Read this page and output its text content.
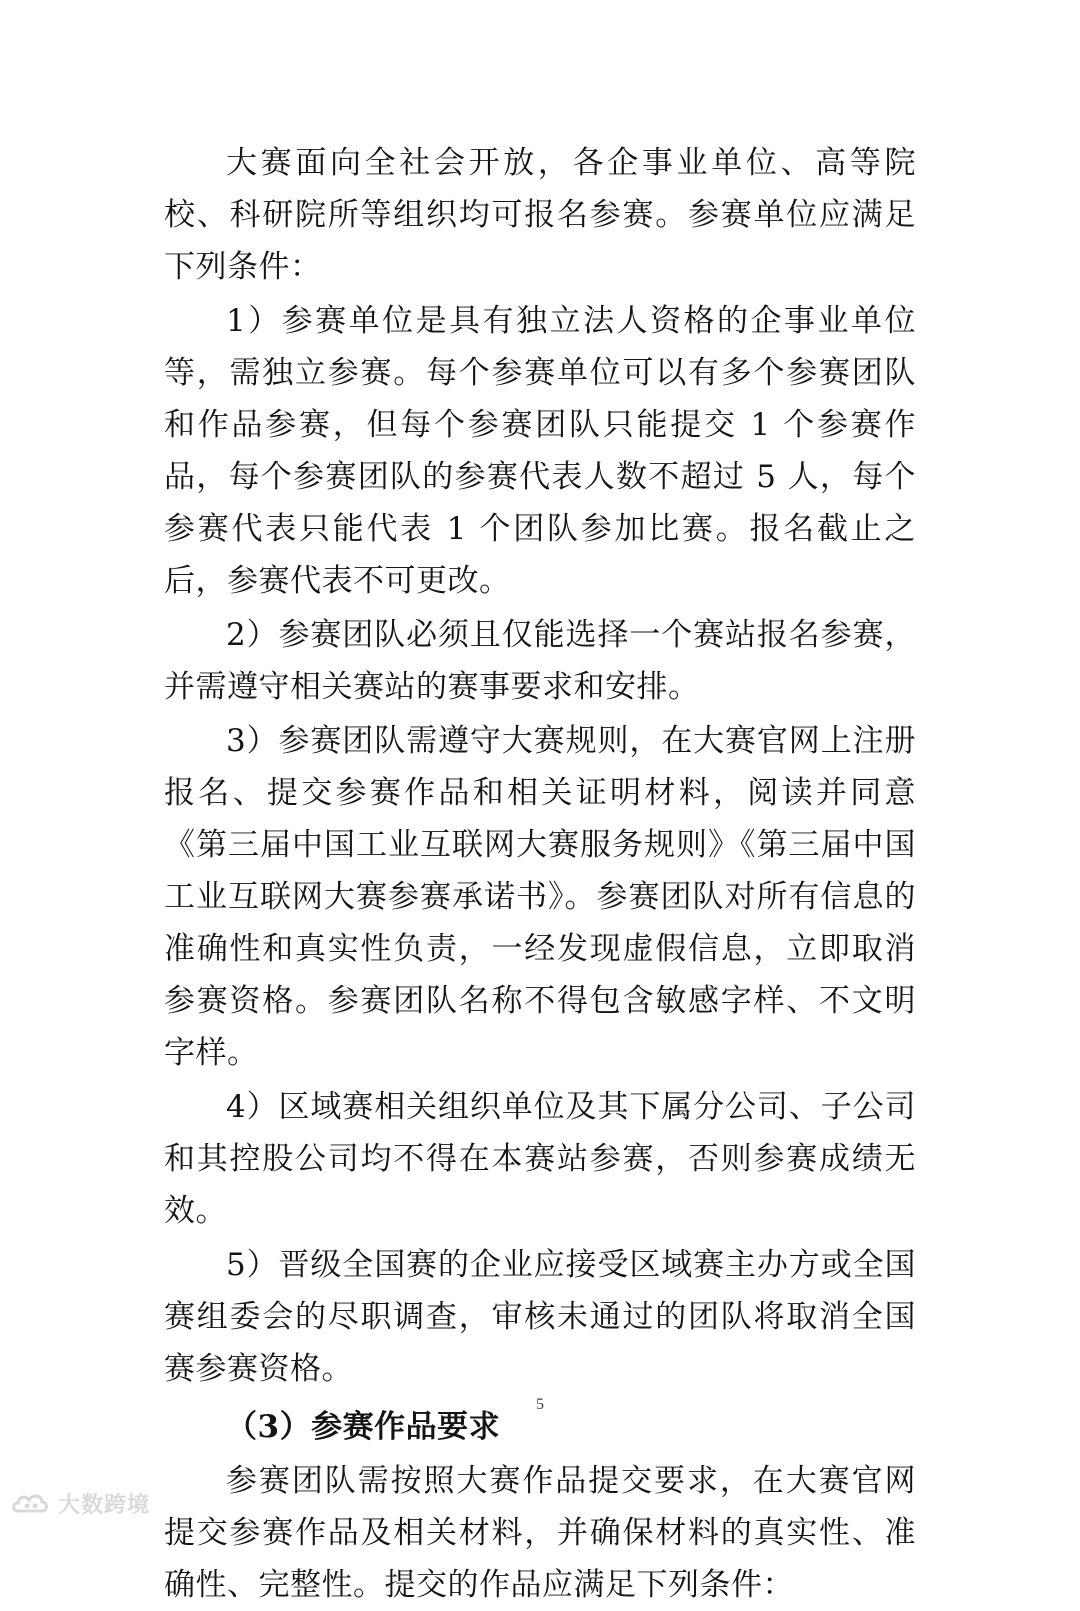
大赛面向全社会开放，各企事业单位、高等院校、科研院所等组织均可报名参赛。参赛单位应满足下列条件：

1）参赛单位是具有独立法人资格的企事业单位等，需独立参赛。每个参赛单位可以有多个参赛团队和作品参赛，但每个参赛团队只能提交 1 个参赛作品，每个参赛团队的参赛代表人数不超过 5 人，每个参赛代表只能代表 1 个团队参加比赛。报名截止之后，参赛代表不可更改。

2）参赛团队必须且仅能选择一个赛站报名参赛，并需遵守相关赛站的赛事要求和安排。

3）参赛团队需遵守大赛规则，在大赛官网上注册报名、提交参赛作品和相关证明材料，阅读并同意《第三届中国工业互联网大赛服务规则》《第三届中国工业互联网大赛参赛承诺书》。参赛团队对所有信息的准确性和真实性负责，一经发现虚假信息，立即取消参赛资格。参赛团队名称不得包含敏感字样、不文明字样。

4）区域赛相关组织单位及其下属分公司、子公司和其控股公司均不得在本赛站参赛，否则参赛成绩无效。

5）晋级全国赛的企业应接受区域赛主办方或全国赛组委会的尽职调查，审核未通过的团队将取消全国赛参赛资格。

（3）参赛作品要求

参赛团队需按照大赛作品提交要求，在大赛官网提交参赛作品及相关材料，并确保材料的真实性、准确性、完整性。提交的作品应满足下列条件：

5
大数跨境
